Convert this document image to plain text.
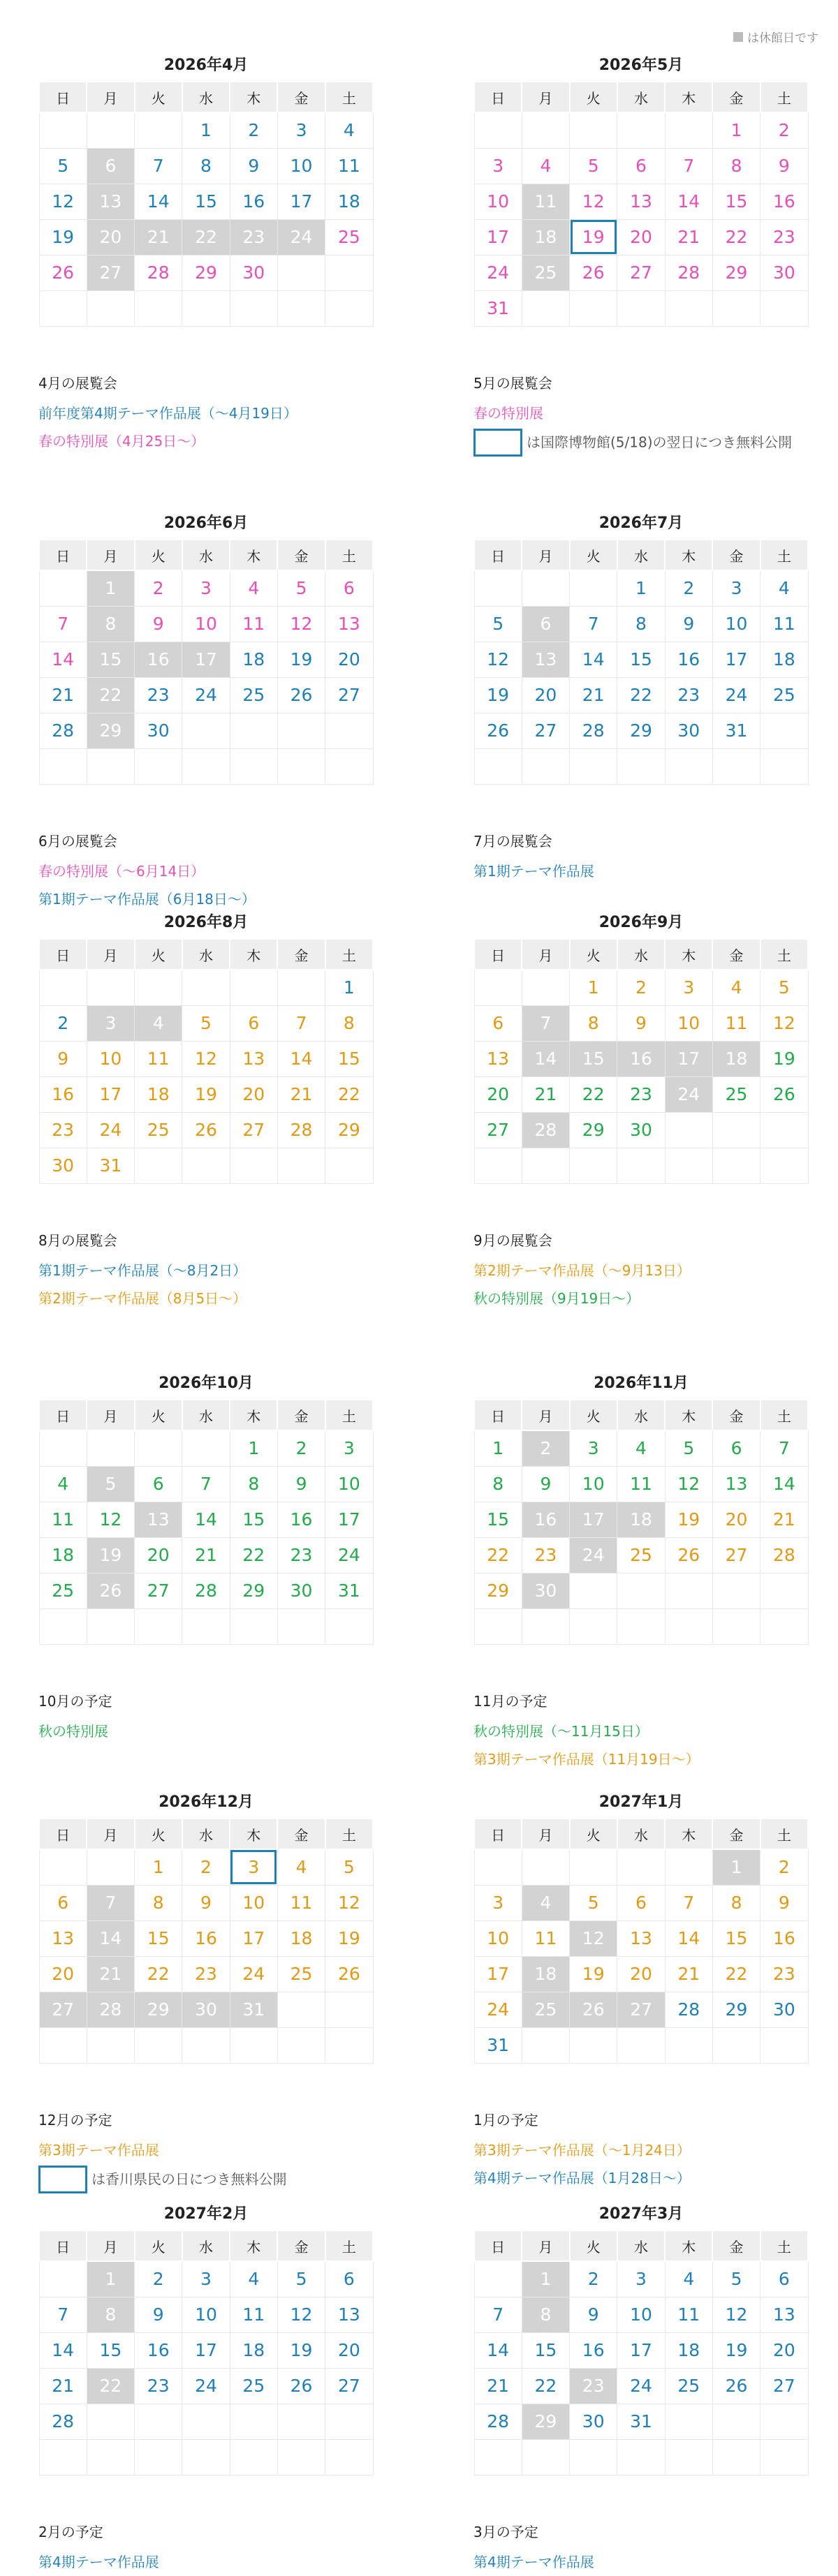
は休館日です
2026年4月
日	月	火	水	木	金	土
			1	2	3	4
5	6	7	8	9	10	11
12	13	14	15	16	17	18
19	20	21	22	23	24	25
26	27	28	29	30		

4月の展覧会
前年度第4期テーマ作品展（～4月19日）
春の特別展（4月25日～）
2026年5月
日	月	火	水	木	金	土
					1	2
3	4	5	6	7	8	9
10	11	12	13	14	15	16
17	18	19	20	21	22	23
24	25	26	27	28	29	30
31						
5月の展覧会
春の特別展
は国際博物館(5/18)の翌日につき無料公開
2026年6月
日	月	火	水	木	金	土
	1	2	3	4	5	6
7	8	9	10	11	12	13
14	15	16	17	18	19	20
21	22	23	24	25	26	27
28	29	30				

6月の展覧会
春の特別展（～6月14日）
第1期テーマ作品展（6月18日～）
2026年7月
日	月	火	水	木	金	土
			1	2	3	4
5	6	7	8	9	10	11
12	13	14	15	16	17	18
19	20	21	22	23	24	25
26	27	28	29	30	31	

7月の展覧会
第1期テーマ作品展
2026年8月
日	月	火	水	木	金	土
						1
2	3	4	5	6	7	8
9	10	11	12	13	14	15
16	17	18	19	20	21	22
23	24	25	26	27	28	29
30	31					
8月の展覧会
第1期テーマ作品展（～8月2日）
第2期テーマ作品展（8月5日～）
2026年9月
日	月	火	水	木	金	土
		1	2	3	4	5
6	7	8	9	10	11	12
13	14	15	16	17	18	19
20	21	22	23	24	25	26
27	28	29	30			

9月の展覧会
第2期テーマ作品展（～9月13日）
秋の特別展（9月19日～）
2026年10月
日	月	火	水	木	金	土
				1	2	3
4	5	6	7	8	9	10
11	12	13	14	15	16	17
18	19	20	21	22	23	24
25	26	27	28	29	30	31

10月の予定
秋の特別展
2026年11月
日	月	火	水	木	金	土
1	2	3	4	5	6	7
8	9	10	11	12	13	14
15	16	17	18	19	20	21
22	23	24	25	26	27	28
29	30					

11月の予定
秋の特別展（～11月15日）
第3期テーマ作品展（11月19日～）
2026年12月
日	月	火	水	木	金	土
		1	2	3	4	5
6	7	8	9	10	11	12
13	14	15	16	17	18	19
20	21	22	23	24	25	26
27	28	29	30	31		

12月の予定
第3期テーマ作品展
は香川県民の日につき無料公開
2027年1月
日	月	火	水	木	金	土
					1	2
3	4	5	6	7	8	9
10	11	12	13	14	15	16
17	18	19	20	21	22	23
24	25	26	27	28	29	30
31						
1月の予定
第3期テーマ作品展（～1月24日）
第4期テーマ作品展（1月28日～）
2027年2月
日	月	火	水	木	金	土
	1	2	3	4	5	6
7	8	9	10	11	12	13
14	15	16	17	18	19	20
21	22	23	24	25	26	27
28						

2月の予定
第4期テーマ作品展
2027年3月
日	月	火	水	木	金	土
	1	2	3	4	5	6
7	8	9	10	11	12	13
14	15	16	17	18	19	20
21	22	23	24	25	26	27
28	29	30	31			

3月の予定
第4期テーマ作品展
